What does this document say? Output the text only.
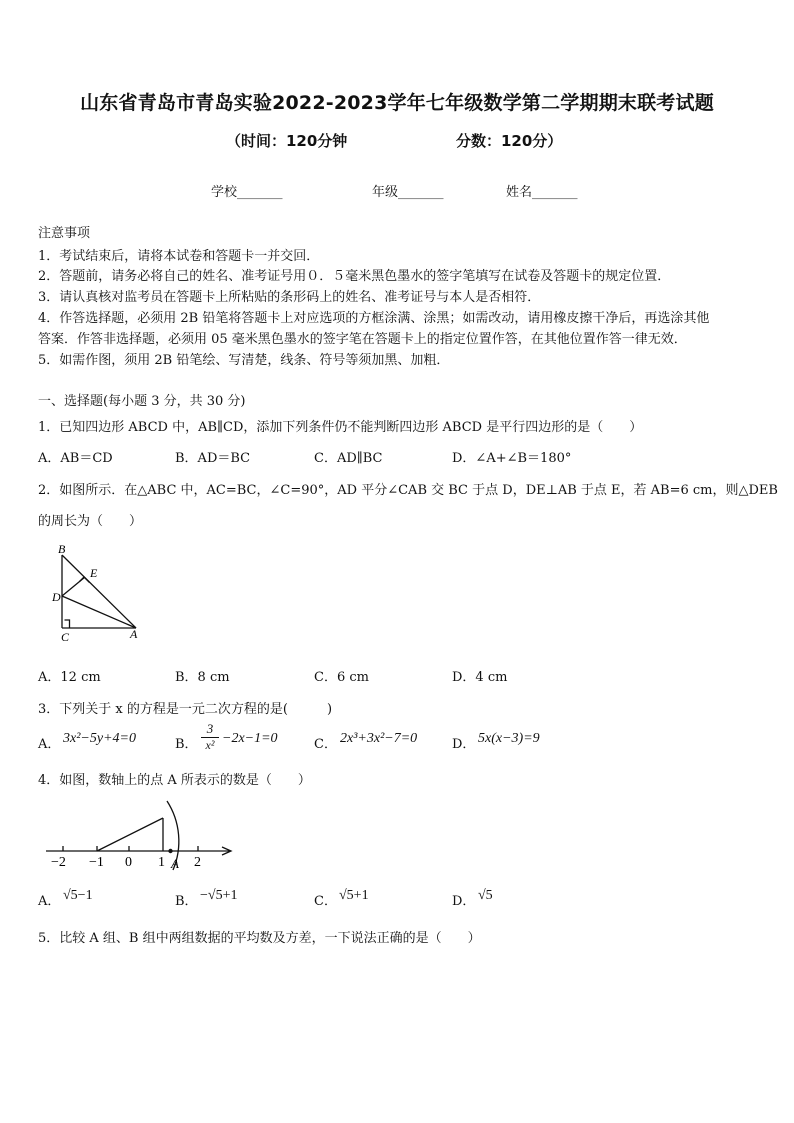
山东省青岛市青岛实验2022-2023学年七年级数学第二学期期末联考试题
（时间：120分钟	分数：120分）
学校_______	年级_______	姓名_______
注意事项
1．考试结束后，请将本试卷和答题卡一并交回．
2．答题前，请务必将自己的姓名、准考证号用０．５毫米黑色墨水的签字笔填写在试卷及答题卡的规定位置．
3．请认真核对监考员在答题卡上所粘贴的条形码上的姓名、准考证号与本人是否相符．
4．作答选择题，必须用 2B 铅笔将答题卡上对应选项的方框涂满、涂黑；如需改动，请用橡皮擦干净后，再选涂其他
答案．作答非选择题，必须用 05 毫米黑色墨水的签字笔在答题卡上的指定位置作答，在其他位置作答一律无效．
5．如需作图，须用 2B 铅笔绘、写清楚，线条、符号等须加黑、加粗．
一、选择题(每小题 3 分，共 30 分)
1．已知四边形 ABCD 中，AB∥CD，添加下列条件仍不能判断四边形 ABCD 是平行四边形的是（　　）
A．AB＝CD	B．AD＝BC	C．AD∥BC	D．∠A+∠B＝180°
2．如图所示．在△ABC 中，AC=BC，∠C=90°，AD 平分∠CAB 交 BC 于点 D，DE⊥AB 于点 E，若 AB=6 cm，则△DEB
的周长为（　　）
B
E
D
C	A
A．12 cm	B．8 cm	C．6 cm	D．4 cm
3．下列关于 x 的方程是一元二次方程的是(　　　)
A． 3x²−5y+4=0	B．
3
x² −2x−1=0	C． 2x³+3x²−7=0	D． 5x(x−3)=9
4．如图，数轴上的点 A 所表示的数是（　　）
−2 −1 0 1 2
A
A． √5−1	B． −√5+1	C． √5+1	D． √5
5．比较 A 组、B 组中两组数据的平均数及方差，一下说法正确的是（　　）
